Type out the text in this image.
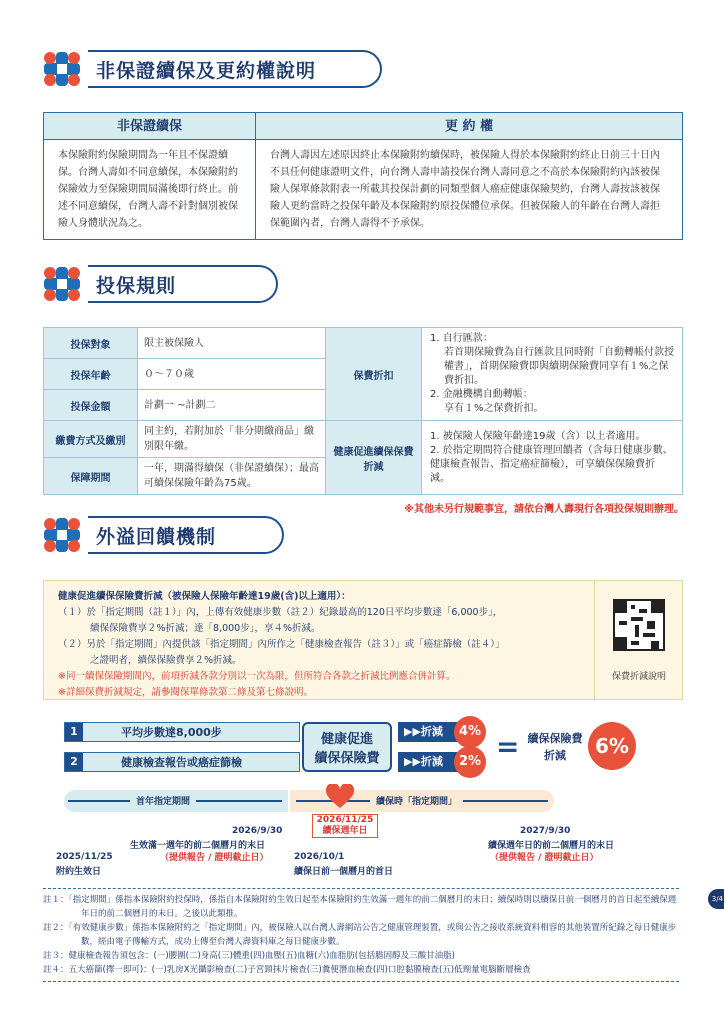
非保證續保及更約權說明
非保證續保	更 約 權
本保險附約保險期間為一年且不保證續保。台灣人壽如不同意續保，本保險附約保險效力至保險期間屆滿後即行終止。前述不同意續保，台灣人壽不針對個別被保險人身體狀況為之。	台灣人壽因左述原因終止本保險附約續保時，被保險人得於本保險附約終止日前三十日內不具任何健康證明文件，向台灣人壽申請投保台灣人壽同意之不高於本保險附約內該被保險人保單條款附表一所載其投保計劃的同類型個人癌症健康保險契約，台灣人壽按該被保險人更約當時之投保年齡及本保險附約原投保體位承保。但被保險人的年齡在台灣人壽拒保範圍內者，台灣人壽得不予承保。
投保規則
投保對象	限主被保險人	保費折扣	1. 自行匯款：
若首期保險費為自行匯款且同時附「自動轉帳付款授權書」，首期保險費即與續期保險費同享有１%之保費折扣。
2. 金融機構自動轉帳：
享有１%之保費折扣。

投保年齡	０～７０歲		
投保金額	計劃一 ~計劃二		
繳費方式及繳別	同主約，若附加於「非分期繳商品」繳別限年繳。	健康促進續保保費折減	1. 被保險人保險年齡達19歲（含）以上者適用。
2. 於指定期間符合健康管理回饋者（含每日健康步數、健康檢查報告、指定癌症篩檢），可享續保保險費折減。

保障期間	一年，期滿得續保（非保證續保）；最高可續保保險年齡為75歲。		
※其他未另行規範事宜，請依台灣人壽現行各項投保規則辦理。
外溢回饋機制
健康促進續保保險費折減（被保險人保險年齡達19歲(含)以上適用）：
（１）於「指定期間（註１）」內，上傳有效健康步數（註２）紀錄最高的120日平均步數達「6,000步」，
續保保險費享２%折減；達「8,000步」，享４%折減。
（２）另於「指定期間」內提供該「指定期間」內所作之「健康檢查報告（註３）」或「癌症篩檢（註４）」
之證明者，續保保險費享２%折減。
※同一續保保險期間內，前項折減各款分別以一次為限，但所符合各款之折減比例應合併計算。
※詳細保費折減規定，請參閱保單條款第二條及第七條說明。
保費折減說明
1	平均步數達8,000步
2	健康檢查報告或癌症篩檢
健康促進
續保保險費
▶▶折減
▶▶折減
4%
2% = 續保保險費
折減	6%
首年指定期間	續保時「指定期間」
2026/11/25
續保週年日
2026/9/30
生效滿一週年的前二個曆月的末日
（提供報告 / 證明截止日）
2025/11/25
附約生效日
2026/10/1
續保日前一個曆月的首日
2027/9/30
續保週年日的前二個曆月的末日
（提供報告 / 證明截止日）
註１：「指定期間」係指本保險附約投保時，係指自本保險附約生效日起至本保險附約生效滿一週年的前二個曆月的末日；續保時則以續保日前一個曆月的首日起至續保週年日的前二個曆月的末日。之後以此類推。
註２：「有效健康步數」係指本保險附約之「指定期間」內，被保險人以台灣人壽網站公告之健康管理裝置，或與公告之接收系統資料相容的其他裝置所紀錄之每日健康步數，經由電子傳輸方式，成功上傳至台灣人壽資料庫之每日健康步數。
註３：健康檢查報告須包含：(一)腰圍(二)身高(三)體重(四)血壓(五)血糖(六)血脂肪(包括膽固醇及三酸甘油脂)
註４：五大癌篩(擇一即可)：(一)乳房X光攝影檢查(二)子宮頸抹片檢查(三)糞便潛血檢查(四)口腔黏膜檢查(五)低劑量電腦斷層檢查
3/4
